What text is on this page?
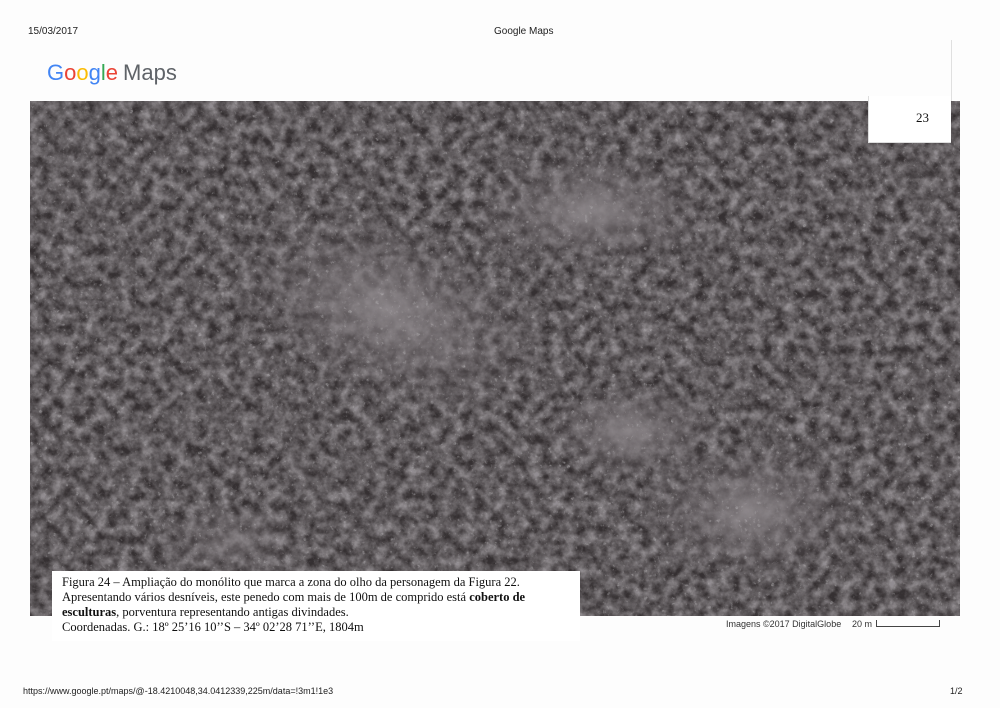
15/03/2017	Google Maps
Google Maps
23

Figura 24 – Ampliação do monólito que marca a zona do olho da personagem da Figura 22.

Apresentando vários desníveis, este penedo com mais de 100m de comprido está coberto de

esculturas, porventura representando antigas divindades.

Coordenadas. G.: 18º 25’16 10’’S – 34º 02’28 71’’E, 1804m	Imagens ©2017 DigitalGlobe 20 m
https://www.google.pt/maps/@-18.4210048,34.0412339,225m/data=!3m1!1e3	1/2
